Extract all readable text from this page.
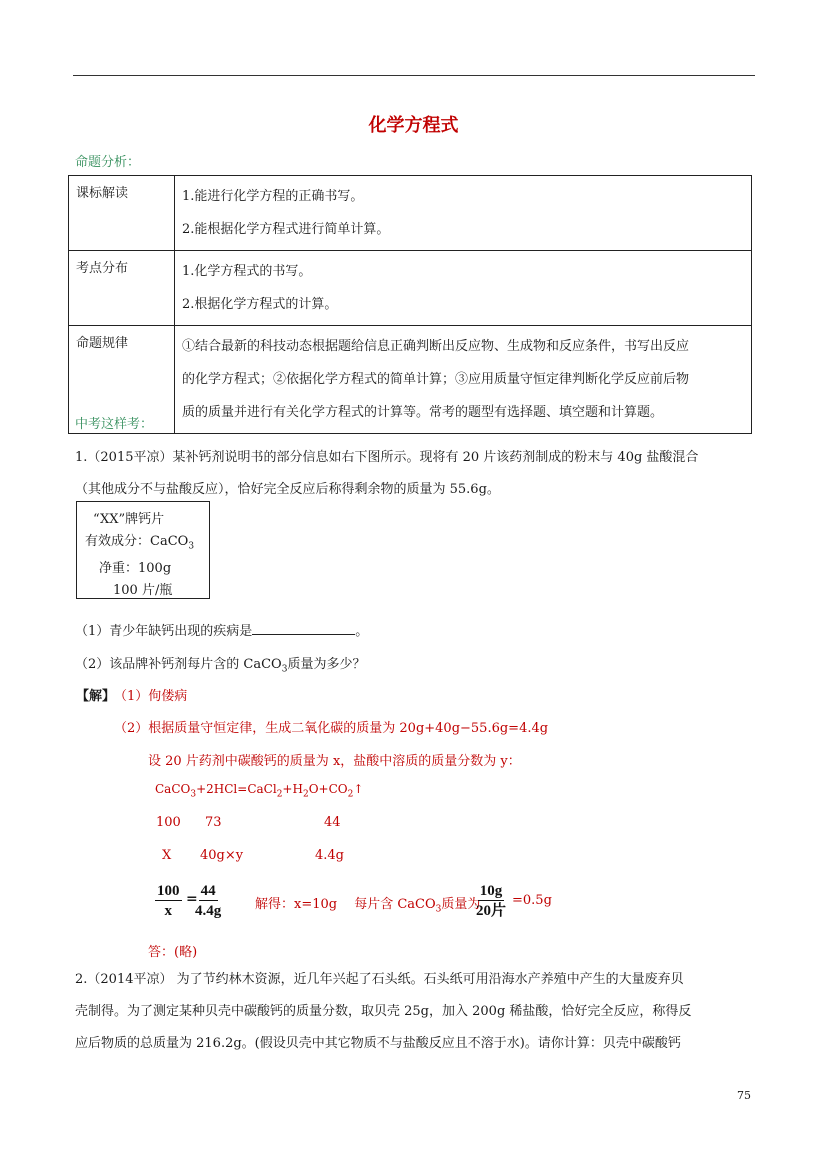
化学方程式
命题分析：
课标解读	1.能进行化学方程的正确书写。
2.能根据化学方程式进行简单计算。

考点分布	1.化学方程式的书写。
2.根据化学方程式的计算。

命题规律	①结合最新的科技动态根据题给信息正确判断出反应物、生成物和反应条件，书写出反应
的化学方程式；②依据化学方程式的简单计算；③应用质量守恒定律判断化学反应前后物
质的质量并进行有关化学方程式的计算等。常考的题型有选择题、填空题和计算题。
中考这样考：
1.（2015平凉）某补钙剂说明书的部分信息如右下图所示。现将有 20 片该药剂制成的粉末与 40g 盐酸混合
（其他成分不与盐酸反应），恰好完全反应后称得剩余物的质量为 55.6g。
“XX”牌钙片
有效成分：CaCO$_3$
净重：100g
100 片/瓶
（1）青少年缺钙出现的疾病是	。
（2）该品牌补钙剂每片含的 CaCO$_3$质量为多少？
【解】
（1）佝偻病
（2）根据质量守恒定律，生成二氧化碳的质量为 20g+40g−55.6g=4.4g
设 20 片药剂中碳酸钙的质量为 x，盐酸中溶质的质量分数为 y：
$CaCO_3+2HCl=CaCl_2+H_2O+CO_2↑$
100 73	44
X 40g×y	4.4g
$\frac{100}{x}$ =
$\frac{44}{4.4g}$	解得：x=10g　 每片含 CaCO$_3$质量为
10g
20片
=0.5g
答：(略)
2.（2014平凉） 为了节约林木资源，近几年兴起了石头纸。石头纸可用沿海水产养殖中产生的大量废弃贝
壳制得。为了测定某种贝壳中碳酸钙的质量分数，取贝壳 25g，加入 200g 稀盐酸，恰好完全反应，称得反
应后物质的总质量为 216.2g。(假设贝壳中其它物质不与盐酸反应且不溶于水)。请你计算：贝壳中碳酸钙
75
